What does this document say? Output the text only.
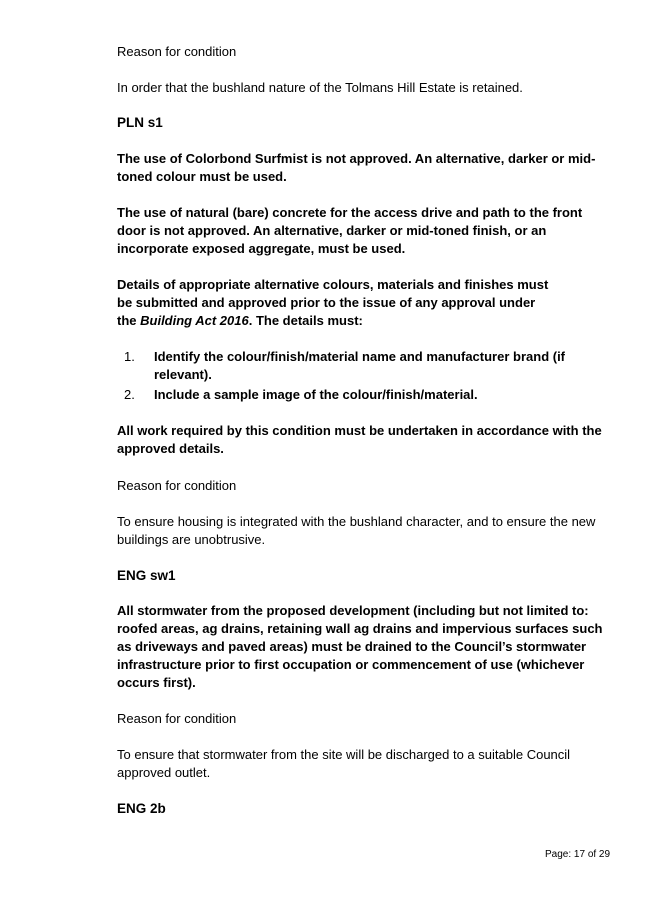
Reason for condition

In order that the bushland nature of the Tolmans Hill Estate is retained.

PLN s1

The use of Colorbond Surfmist is not approved. An alternative, darker or mid-toned colour must be used.

The use of natural (bare) concrete for the access drive and path to the front door is not approved. An alternative, darker or mid-toned finish, or an incorporate exposed aggregate, must be used.

Details of appropriate alternative colours, materials and finishes must be submitted and approved prior to the issue of any approval under the Building Act 2016. The details must:

1. Identify the colour/finish/material name and manufacturer brand (if relevant).
2. Include a sample image of the colour/finish/material.

All work required by this condition must be undertaken in accordance with the approved details.

Reason for condition

To ensure housing is integrated with the bushland character, and to ensure the new buildings are unobtrusive.

ENG sw1

All stormwater from the proposed development (including but not limited to: roofed areas, ag drains, retaining wall ag drains and impervious surfaces such as driveways and paved areas) must be drained to the Council’s stormwater infrastructure prior to first occupation or commencement of use (whichever occurs first).

Reason for condition

To ensure that stormwater from the site will be discharged to a suitable Council approved outlet.

ENG 2b

Page: 17 of 29
